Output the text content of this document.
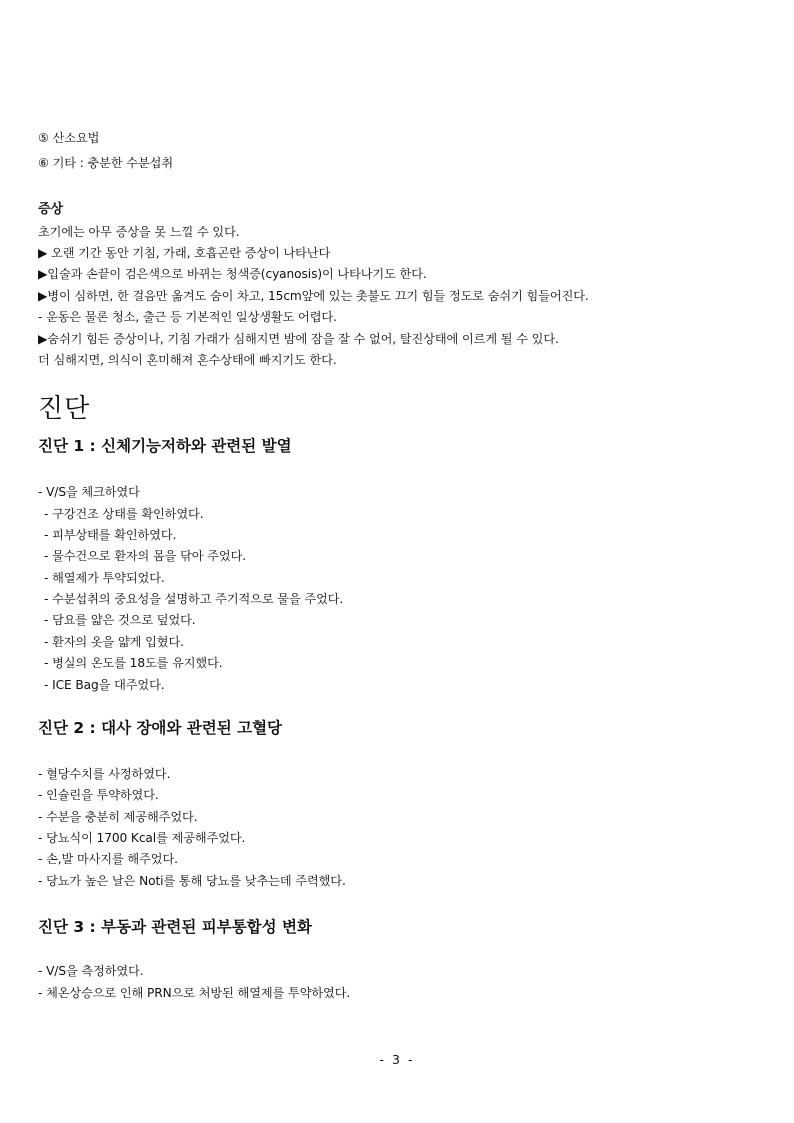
⑤ 산소요법
⑥ 기타 : 충분한 수분섭취
증상
초기에는 아무 증상을 못 느낄 수 있다.
▶ 오랜 기간 동안 기침, 가래, 호흡곤란 증상이 나타난다
▶입술과 손끝이 검은색으로 바뀌는 청색증(cyanosis)이 나타나기도 한다.
▶병이 심하면, 한 걸음만 옮겨도 숨이 차고, 15cm앞에 있는 촛불도 끄기 힘들 정도로 숨쉬기 힘들어진다.
- 운동은 물론 청소, 출근 등 기본적인 일상생활도 어렵다.
▶숨쉬기 힘든 증상이나, 기침 가래가 심해지면 밤에 잠을 잘 수 없어, 탈진상태에 이르게 될 수 있다.
더 심해지면, 의식이 혼미해져 혼수상태에 빠지기도 한다.
진단
진단 1 : 신체기능저하와 관련된 발열
- V/S을 체크하였다
- 구강건조 상태를 확인하였다.
- 피부상태를 확인하였다.
- 물수건으로 환자의 몸을 닦아 주었다.
- 해열제가 투약되었다.
- 수분섭취의 중요성을 설명하고 주기적으로 물을 주었다.
- 담요를 얇은 것으로 덮었다.
- 환자의 옷을 얇게 입혔다.
- 병실의 온도를 18도를 유지했다.
- ICE Bag을 대주었다.
진단 2 : 대사 장애와 관련된 고혈당
- 혈당수치를 사정하였다.
- 인슐린을 투약하였다.
- 수분을 충분히 제공해주었다.
- 당뇨식이 1700 Kcal를 제공해주었다.
- 손,발 마사지를 해주었다.
- 당뇨가 높은 날은 Noti를 통해 당뇨를 낮추는데 주력했다.
진단 3 : 부동과 관련된 피부통합성 변화
- V/S을 측정하였다.
- 체온상승으로 인해 PRN으로 처방된 해열제를 투약하였다.
- 3 -
